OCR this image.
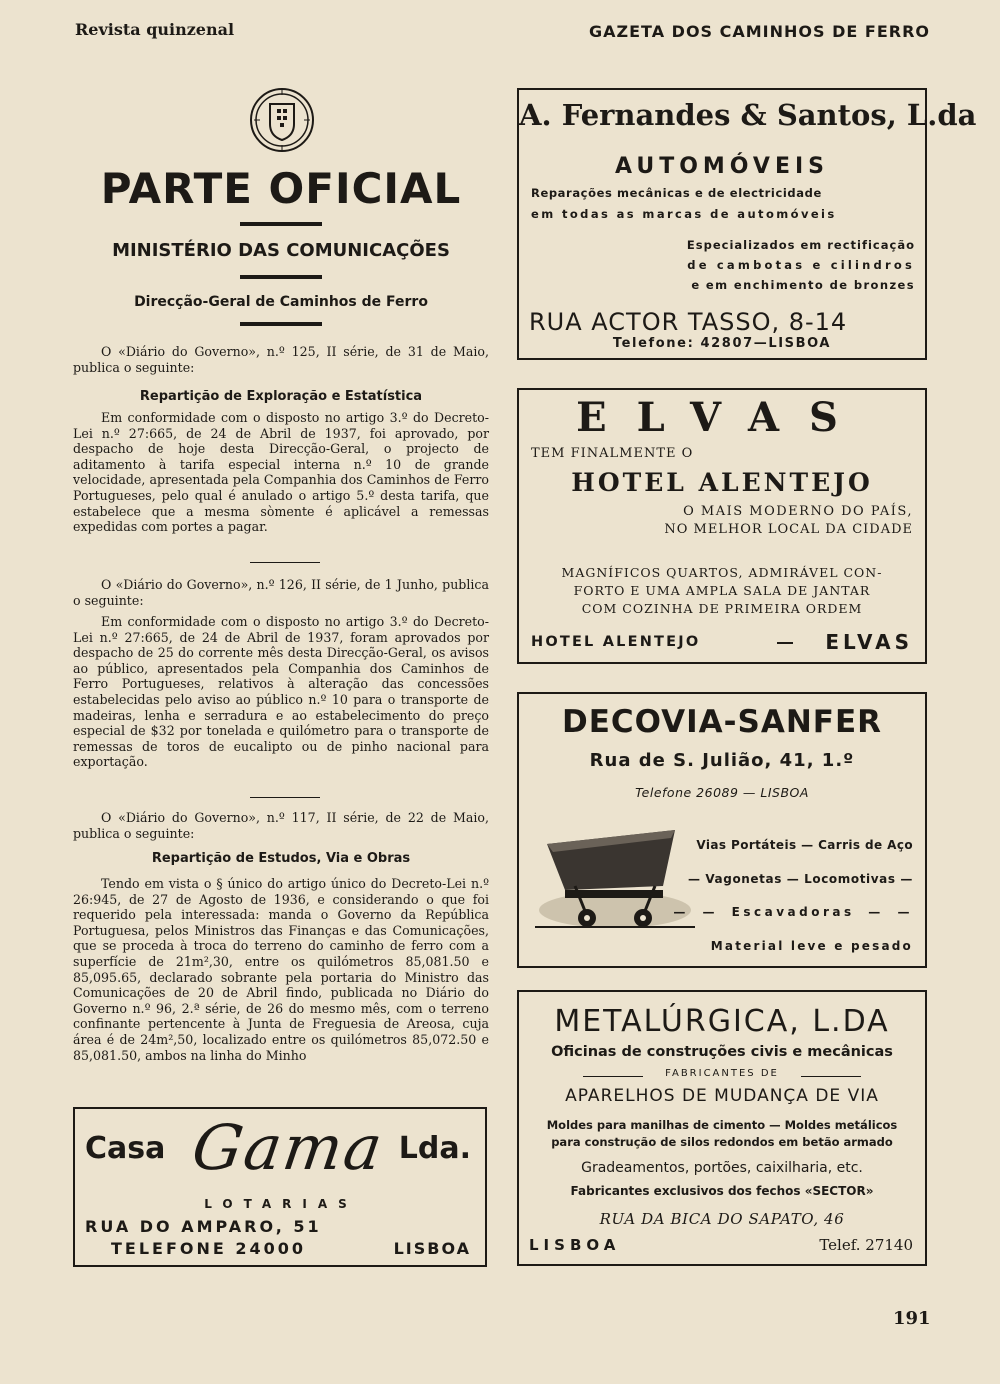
Revista quinzenal	GAZETA DOS CAMINHOS DE FERRO
PARTE OFICIAL
MINISTÉRIO DAS COMUNICAÇÕES
Direcção-Geral de Caminhos de Ferro

O «Diário do Governo», n.º 125, II série, de 31 de Maio, publica o seguinte:

Repartição de Exploração e Estatística

Em conformidade com o disposto no artigo 3.º do Decreto-Lei n.º 27:665, de 24 de Abril de 1937, foi aprovado, por despacho de hoje desta Direcção-Geral, o projecto de aditamento à tarifa especial interna n.º 10 de grande velocidade, apresentada pela Companhia dos Caminhos de Ferro Portugueses, pelo qual é anulado o artigo 5.º desta tarifa, que estabelece que a mesma sòmente é aplicável a remessas expedidas com portes a pagar.

O «Diário do Governo», n.º 126, II série, de 1 Junho, publica o seguinte:

Em conformidade com o disposto no artigo 3.º do Decreto-Lei n.º 27:665, de 24 de Abril de 1937, foram aprovados por despacho de 25 do corrente mês desta Direcção-Geral, os avisos ao público, apresentados pela Companhia dos Caminhos de Ferro Portugueses, relativos à alteração das concessões estabelecidas pelo aviso ao público n.º 10 para o transporte de madeiras, lenha e serradura e ao estabelecimento do preço especial de $32 por tonelada e quilómetro para o transporte de remessas de toros de eucalipto ou de pinho nacional para exportação.

O «Diário do Governo», n.º 117, II série, de 22 de Maio, publica o seguinte:

Repartição de Estudos, Via e Obras

Tendo em vista o § único do artigo único do Decreto-Lei n.º 26:945, de 27 de Agosto de 1936, e considerando o que foi requerido pela interessada: manda o Governo da República Portuguesa, pelos Ministros das Finanças e das Comunicações, que se proceda à troca do terreno do caminho de ferro com a superfície de 21m²,30, entre os quilómetros 85,081.50 e 85,095.65, declarado sobrante pela portaria do Ministro das Comunicações de 20 de Abril findo, publicada no Diário do Governo n.º 96, 2.ª série, de 26 do mesmo mês, com o terreno confinante pertencente à Junta de Freguesia de Areosa, cuja área é de 24m²,50, localizado entre os quilómetros 85,072.50 e 85,081.50, ambos na linha do Minho

Casa Gama Lda.
LOTARIAS
RUA DO AMPARO, 51
TELEFONE 24000	LISBOA
A. Fernandes & Santos, L.da
AUTOMÓVEIS
Reparações mecânicas e de electricidade
em todas as marcas de automóveis
Especializados em rectificação
de cambotas e cilindros
e em enchimento de bronzes
RUA ACTOR TASSO, 8-14
Telefone: 42807—LISBOA
ELVAS
TEM FINALMENTE O
HOTEL ALENTEJO
O MAIS MODERNO DO PAÍS,
NO MELHOR LOCAL DA CIDADE
MAGNÍFICOS QUARTOS, ADMIRÁVEL CON-
FORTO E UMA AMPLA SALA DE JANTAR
COM COZINHA DE PRIMEIRA ORDEM
HOTEL ALENTEJO	ELVAS
DECOVIA-SANFER
Rua de S. Julião, 41, 1.º
Telefone 26089 — LISBOA
Vias Portáteis — Carris de Aço
— Vagonetas — Locomotivas —
— — Escavadoras — —
Material leve e pesado
METALÚRGICA, L.DA
Oficinas de construções civis e mecânicas
FABRICANTES DE
APARELHOS DE MUDANÇA DE VIA
Moldes para manilhas de cimento — Moldes metálicos
para construção de silos redondos em betão armado
Gradeamentos, portões, caixilharia, etc.
Fabricantes exclusivos dos fechos «SECTOR»
RUA DA BICA DO SAPATO, 46
LISBOA	Telef. 27140
191
